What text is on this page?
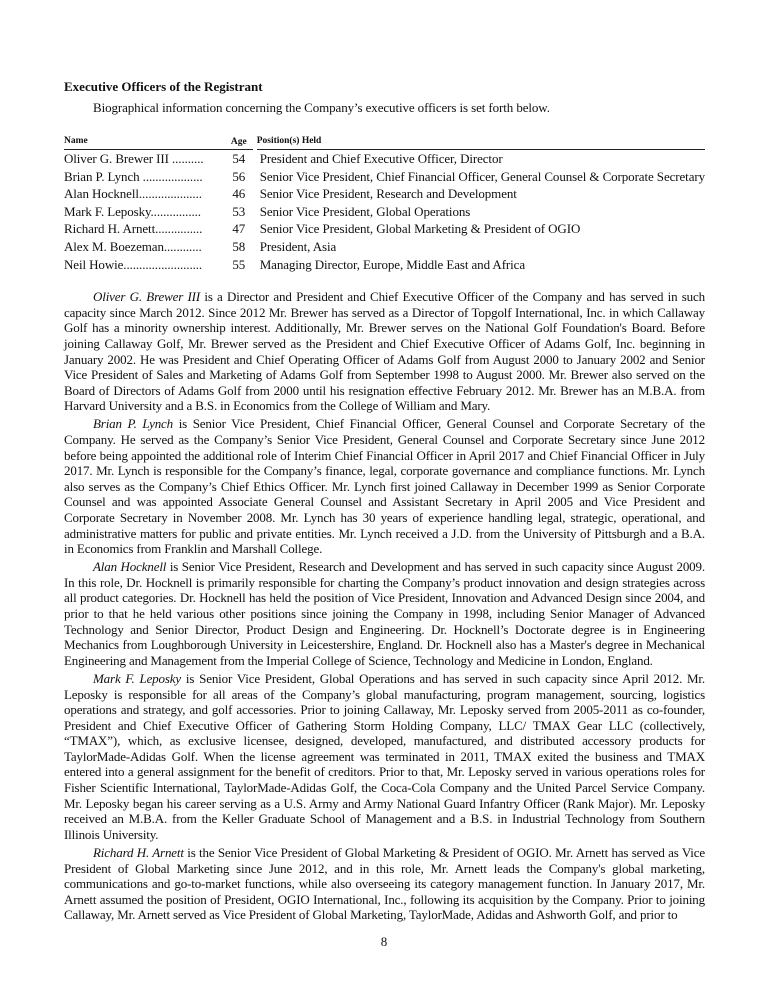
Executive Officers of the Registrant
Biographical information concerning the Company’s executive officers is set forth below.
Name	Age		Position(s) Held
Oliver G. Brewer III ..........	54		President and Chief Executive Officer, Director
Brian P. Lynch ...................	56		Senior Vice President, Chief Financial Officer, General Counsel & Corporate Secretary
Alan Hocknell....................	46		Senior Vice President, Research and Development
Mark F. Leposky................	53		Senior Vice President, Global Operations
Richard H. Arnett...............	47		Senior Vice President, Global Marketing & President of OGIO
Alex M. Boezeman............	58		President, Asia
Neil Howie.........................	55		Managing Director, Europe, Middle East and Africa

Oliver G. Brewer III is a Director and President and Chief Executive Officer of the Company and has served in such capacity since March 2012. Since 2012 Mr. Brewer has served as a Director of Topgolf International, Inc. in which Callaway Golf has a minority ownership interest. Additionally, Mr. Brewer serves on the National Golf Foundation's Board. Before joining Callaway Golf, Mr. Brewer served as the President and Chief Executive Officer of Adams Golf, Inc. beginning in January 2002. He was President and Chief Operating Officer of Adams Golf from August 2000 to January 2002 and Senior Vice President of Sales and Marketing of Adams Golf from September 1998 to August 2000. Mr. Brewer also served on the Board of Directors of Adams Golf from 2000 until his resignation effective February 2012. Mr. Brewer has an M.B.A. from Harvard University and a B.S. in Economics from the College of William and Mary.

Brian P. Lynch is Senior Vice President, Chief Financial Officer, General Counsel and Corporate Secretary of the Company. He served as the Company’s Senior Vice President, General Counsel and Corporate Secretary since June 2012 before being appointed the additional role of Interim Chief Financial Officer in April 2017 and Chief Financial Officer in July 2017. Mr. Lynch is responsible for the Company’s finance, legal, corporate governance and compliance functions. Mr. Lynch also serves as the Company’s Chief Ethics Officer. Mr. Lynch first joined Callaway in December 1999 as Senior Corporate Counsel and was appointed Associate General Counsel and Assistant Secretary in April 2005 and Vice President and Corporate Secretary in November 2008. Mr. Lynch has 30 years of experience handling legal, strategic, operational, and administrative matters for public and private entities. Mr. Lynch received a J.D. from the University of Pittsburgh and a B.A. in Economics from Franklin and Marshall College.

Alan Hocknell is Senior Vice President, Research and Development and has served in such capacity since August 2009. In this role, Dr. Hocknell is primarily responsible for charting the Company’s product innovation and design strategies across all product categories. Dr. Hocknell has held the position of Vice President, Innovation and Advanced Design since 2004, and prior to that he held various other positions since joining the Company in 1998, including Senior Manager of Advanced Technology and Senior Director, Product Design and Engineering. Dr. Hocknell’s Doctorate degree is in Engineering Mechanics from Loughborough University in Leicestershire, England. Dr. Hocknell also has a Master's degree in Mechanical Engineering and Management from the Imperial College of Science, Technology and Medicine in London, England.

Mark F. Leposky is Senior Vice President, Global Operations and has served in such capacity since April 2012. Mr. Leposky is responsible for all areas of the Company’s global manufacturing, program management, sourcing, logistics operations and strategy, and golf accessories. Prior to joining Callaway, Mr. Leposky served from 2005-2011 as co-founder, President and Chief Executive Officer of Gathering Storm Holding Company, LLC/ TMAX Gear LLC (collectively, “TMAX”), which, as exclusive licensee, designed, developed, manufactured, and distributed accessory products for TaylorMade-Adidas Golf. When the license agreement was terminated in 2011, TMAX exited the business and TMAX entered into a general assignment for the benefit of creditors. Prior to that, Mr. Leposky served in various operations roles for Fisher Scientific International, TaylorMade-Adidas Golf, the Coca-Cola Company and the United Parcel Service Company. Mr. Leposky began his career serving as a U.S. Army and Army National Guard Infantry Officer (Rank Major). Mr. Leposky received an M.B.A. from the Keller Graduate School of Management and a B.S. in Industrial Technology from Southern Illinois University.

Richard H. Arnett is the Senior Vice President of Global Marketing & President of OGIO. Mr. Arnett has served as Vice President of Global Marketing since June 2012, and in this role, Mr. Arnett leads the Company's global marketing, communications and go-to-market functions, while also overseeing its category management function. In January 2017, Mr. Arnett assumed the position of President, OGIO International, Inc., following its acquisition by the Company. Prior to joining Callaway, Mr. Arnett served as Vice President of Global Marketing, TaylorMade, Adidas and Ashworth Golf, and prior to

8
